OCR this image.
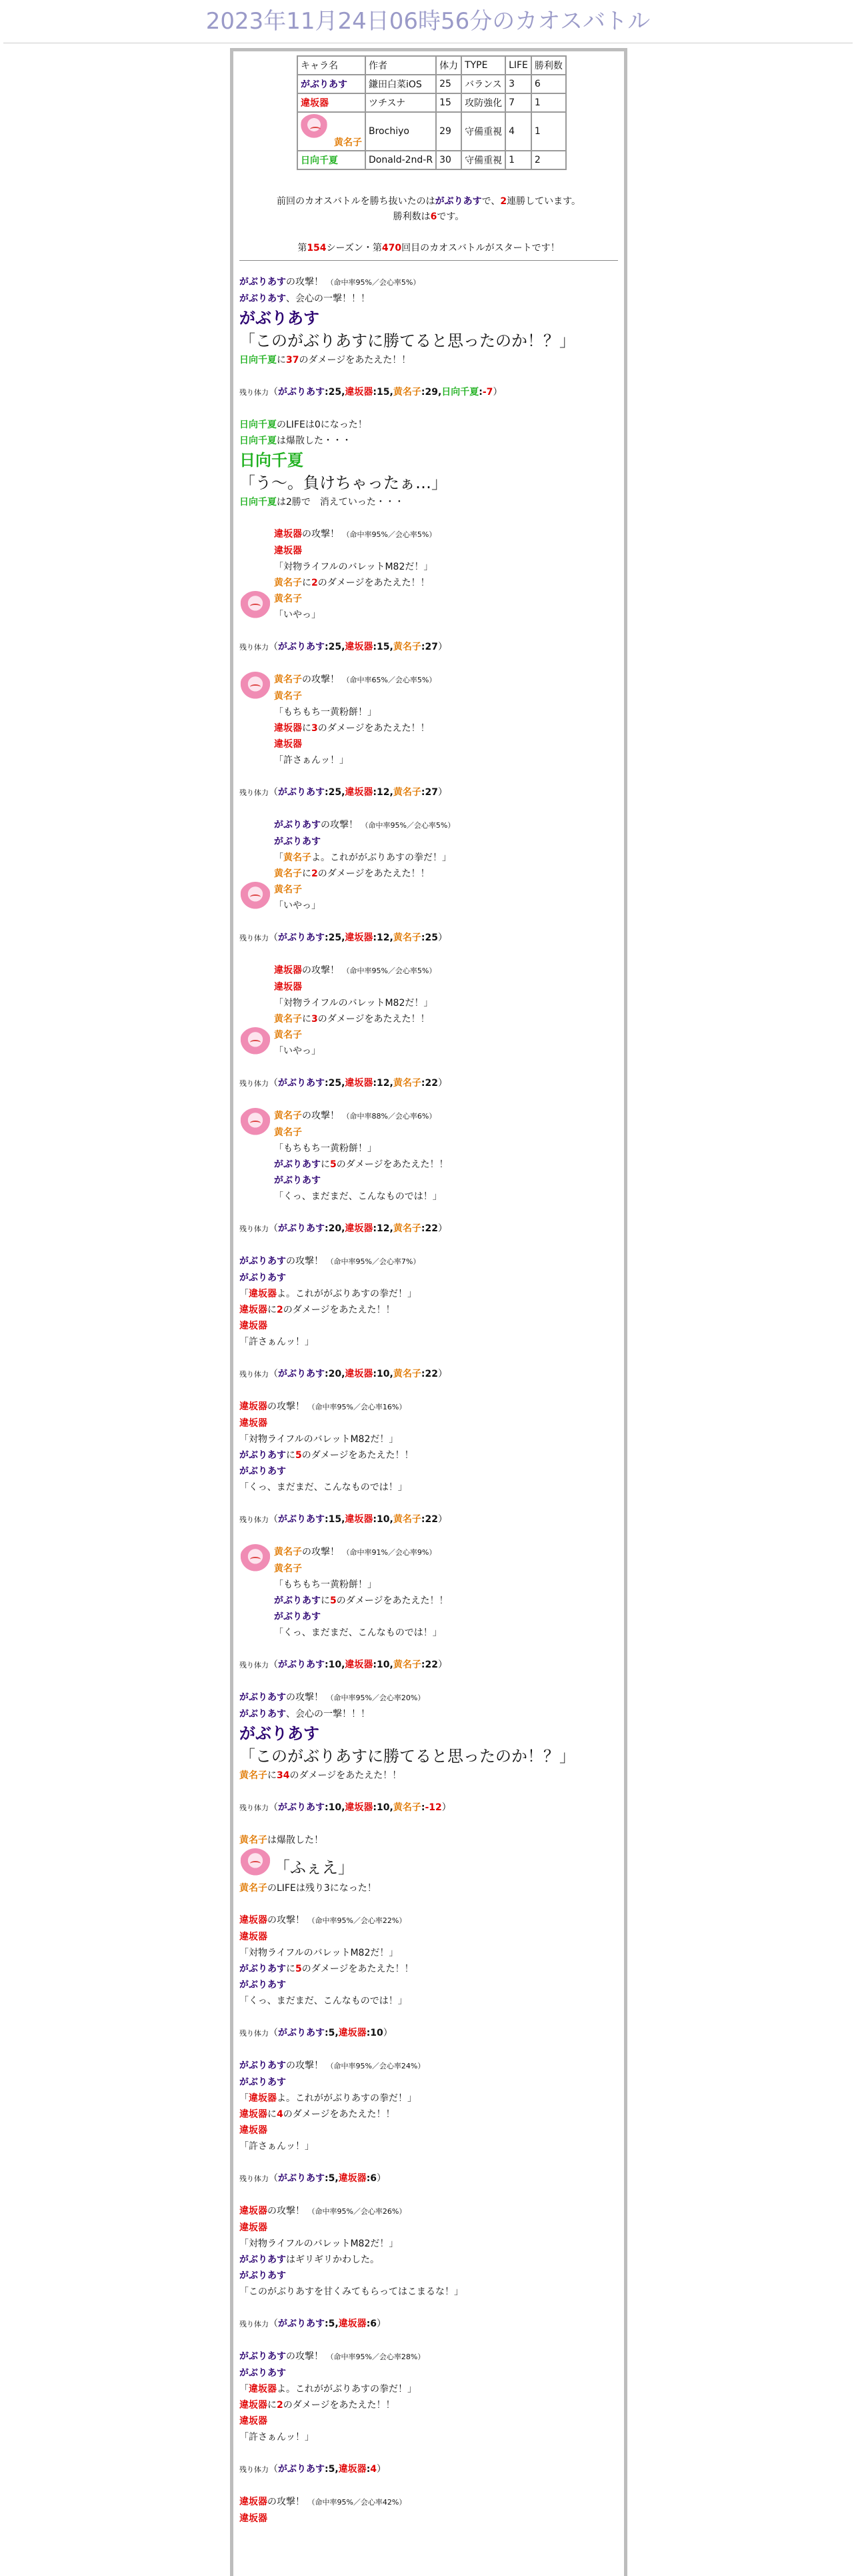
2023年11月24日06時56分のカオスバトル
キャラ名	作者	体力	TYPE	LIFE	勝利数
がぶりあす	鎌田白菜iOS	25	バランス	3	6
違坂器	ツチスナ	15	攻防強化	7	1

黄名子	Brochiyo	29	守備重視	4	1
日向千夏	Donald-2nd-R	30	守備重視	1	2
前回のカオスバトルを勝ち抜いたのはがぶりあすで、2連勝しています。
勝利数は6です。
第154シーズン・第470回目のカオスバトルがスタートです！
がぶりあすの攻撃！ （命中率95%／会心率5%）
がぶりあす、会心の一撃！！！
がぶりあす
「このがぶりあすに勝てると思ったのか！？」
日向千夏に37のダメージをあたえた！！
残り体力（がぶりあす:25,違坂器:15,黄名子:29,日向千夏:-7）
日向千夏のLIFEは0になった！
日向千夏は爆散した・・・
日向千夏
「う〜。負けちゃったぁ…」
日向千夏は2勝で　消えていった・・・
違坂器の攻撃！ （命中率95%／会心率5%）
違坂器
「対物ライフルのバレットM82だ！」
黄名子に2のダメージをあたえた！！
黄名子
「いやっ」
残り体力（がぶりあす:25,違坂器:15,黄名子:27）
黄名子の攻撃！ （命中率65%／会心率5%）
黄名子
「もちもち一黄粉餅！」
違坂器に3のダメージをあたえた！！
違坂器
「許さぁんッ！」
残り体力（がぶりあす:25,違坂器:12,黄名子:27）
がぶりあすの攻撃！ （命中率95%／会心率5%）
がぶりあす
「黄名子よ。これががぶりあすの拳だ！」
黄名子に2のダメージをあたえた！！
黄名子
「いやっ」
残り体力（がぶりあす:25,違坂器:12,黄名子:25）
違坂器の攻撃！ （命中率95%／会心率5%）
違坂器
「対物ライフルのバレットM82だ！」
黄名子に3のダメージをあたえた！！
黄名子
「いやっ」
残り体力（がぶりあす:25,違坂器:12,黄名子:22）
黄名子の攻撃！ （命中率88%／会心率6%）
黄名子
「もちもち一黄粉餅！」
がぶりあすに5のダメージをあたえた！！
がぶりあす
「くっ、まだまだ、こんなものでは！」
残り体力（がぶりあす:20,違坂器:12,黄名子:22）
がぶりあすの攻撃！ （命中率95%／会心率7%）
がぶりあす
「違坂器よ。これががぶりあすの拳だ！」
違坂器に2のダメージをあたえた！！
違坂器
「許さぁんッ！」
残り体力（がぶりあす:20,違坂器:10,黄名子:22）
違坂器の攻撃！ （命中率95%／会心率16%）
違坂器
「対物ライフルのバレットM82だ！」
がぶりあすに5のダメージをあたえた！！
がぶりあす
「くっ、まだまだ、こんなものでは！」
残り体力（がぶりあす:15,違坂器:10,黄名子:22）
黄名子の攻撃！ （命中率91%／会心率9%）
黄名子
「もちもち一黄粉餅！」
がぶりあすに5のダメージをあたえた！！
がぶりあす
「くっ、まだまだ、こんなものでは！」
残り体力（がぶりあす:10,違坂器:10,黄名子:22）
がぶりあすの攻撃！ （命中率95%／会心率20%）
がぶりあす、会心の一撃！！！
がぶりあす
「このがぶりあすに勝てると思ったのか！？」
黄名子に34のダメージをあたえた！！
残り体力（がぶりあす:10,違坂器:10,黄名子:-12）
黄名子は爆散した！
「ふぇえ」
黄名子のLIFEは残り3になった！
違坂器の攻撃！ （命中率95%／会心率22%）
違坂器
「対物ライフルのバレットM82だ！」
がぶりあすに5のダメージをあたえた！！
がぶりあす
「くっ、まだまだ、こんなものでは！」
残り体力（がぶりあす:5,違坂器:10）
がぶりあすの攻撃！ （命中率95%／会心率24%）
がぶりあす
「違坂器よ。これががぶりあすの拳だ！」
違坂器に4のダメージをあたえた！！
違坂器
「許さぁんッ！」
残り体力（がぶりあす:5,違坂器:6）
違坂器の攻撃！ （命中率95%／会心率26%）
違坂器
「対物ライフルのバレットM82だ！」
がぶりあすはギリギリかわした。
がぶりあす
「このがぶりあすを甘くみてもらってはこまるな！」
残り体力（がぶりあす:5,違坂器:6）
がぶりあすの攻撃！ （命中率95%／会心率28%）
がぶりあす
「違坂器よ。これががぶりあすの拳だ！」
違坂器に2のダメージをあたえた！！
違坂器
「許さぁんッ！」
残り体力（がぶりあす:5,違坂器:4）
違坂器の攻撃！ （命中率95%／会心率42%）
違坂器
